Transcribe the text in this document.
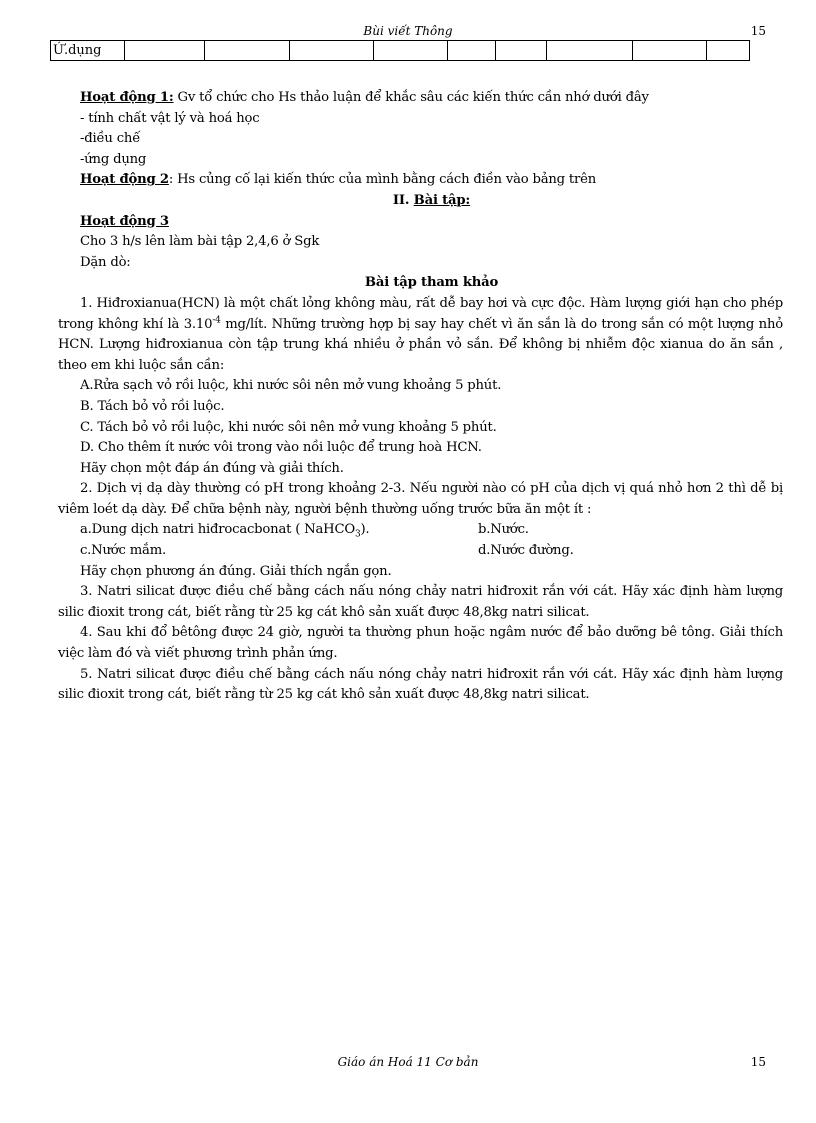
Bùi viết Thông	15
Ứ.dụng									

Hoạt động 1: Gv tổ chức cho Hs thảo luận để khắc sâu các kiến thức cần nhớ dưới đây

- tính chất vật lý và hoá học

-điều chế

-ứng dụng

Hoạt động 2: Hs củng cố lại kiến thức của mình bằng cách điền vào bảng trên

II. Bài tập:

Hoạt động 3

Cho 3 h/s lên làm bài tập 2,4,6 ở Sgk

Dặn dò:

Bài tập tham khảo

1. Hiđroxianua(HCN) là một chất lỏng không màu, rất dễ bay hơi và cực độc. Hàm lượng giới hạn cho phép trong không khí là $3.10^{-4}$ mg/lít. Những trường hợp bị say hay chết vì ăn sắn là do trong sắn có một lượng nhỏ HCN. Lượng hiđroxianua còn tập trung khá nhiều ở phần vỏ sắn. Để không bị nhiễm độc xianua do ăn sắn , theo em khi luộc sắn cần:

A.Rửa sạch vỏ rồi luộc, khi nước sôi nên mở vung khoảng 5 phút.

B. Tách bỏ vỏ rồi luộc.

C. Tách bỏ vỏ rồi luộc, khi nước sôi nên mở vung khoảng 5 phút.

D. Cho thêm ít nước vôi trong vào nồi luộc để trung hoà HCN.

Hãy chọn một đáp án đúng và giải thích.

2. Dịch vị dạ dày thường có pH trong khoảng 2-3. Nếu người nào có pH của dịch vị quá nhỏ hơn 2 thì dễ bị viêm loét dạ dày. Để chữa bệnh này, người bệnh thường uống trước bữa ăn một ít :

a.Dung dịch natri hiđrocacbonat ( NaHCO$_3$).	b.Nước.
c.Nước mắm.	d.Nước đường.

Hãy chọn phương án đúng. Giải thích ngắn gọn.

3. Natri silicat được điều chế bằng cách nấu nóng chảy natri hiđroxit rắn với cát. Hãy xác định hàm lượng silic đioxit trong cát, biết rằng từ 25 kg cát khô sản xuất được 48,8kg natri silicat.

4. Sau khi đổ bêtông được 24 giờ, người ta thường phun hoặc ngâm nước để bảo dưỡng bê tông. Giải thích việc làm đó và viết phương trình phản ứng.

5. Natri silicat được điều chế bằng cách nấu nóng chảy natri hiđroxit rắn với cát. Hãy xác định hàm lượng silic đioxit trong cát, biết rằng từ 25 kg cát khô sản xuất được 48,8kg natri silicat.

Giáo án Hoá 11 Cơ bản	15
